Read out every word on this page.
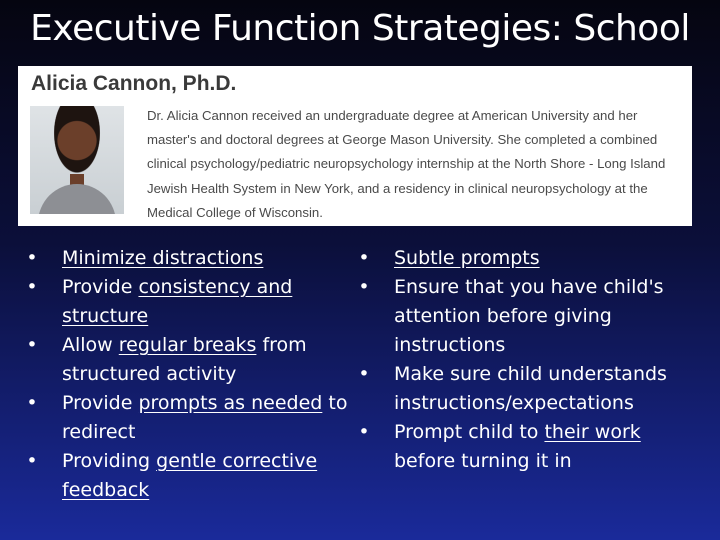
Executive Function Strategies: School
Alicia Cannon, Ph.D.
Dr. Alicia Cannon received an undergraduate degree at American University and her
master's and doctoral degrees at George Mason University. She completed a combined
clinical psychology/pediatric neuropsychology internship at the North Shore - Long Island
Jewish Health System in New York, and a residency in clinical neuropsychology at the
Medical College of Wisconsin.
• Minimize distractions
• Provide consistency and structure
• Allow regular breaks from structured activity
• Provide prompts as needed to redirect
• Providing gentle corrective feedback
• Subtle prompts
• Ensure that you have child's attention before giving instructions
• Make sure child understands instructions/expectations
• Prompt child to their work before turning it in
